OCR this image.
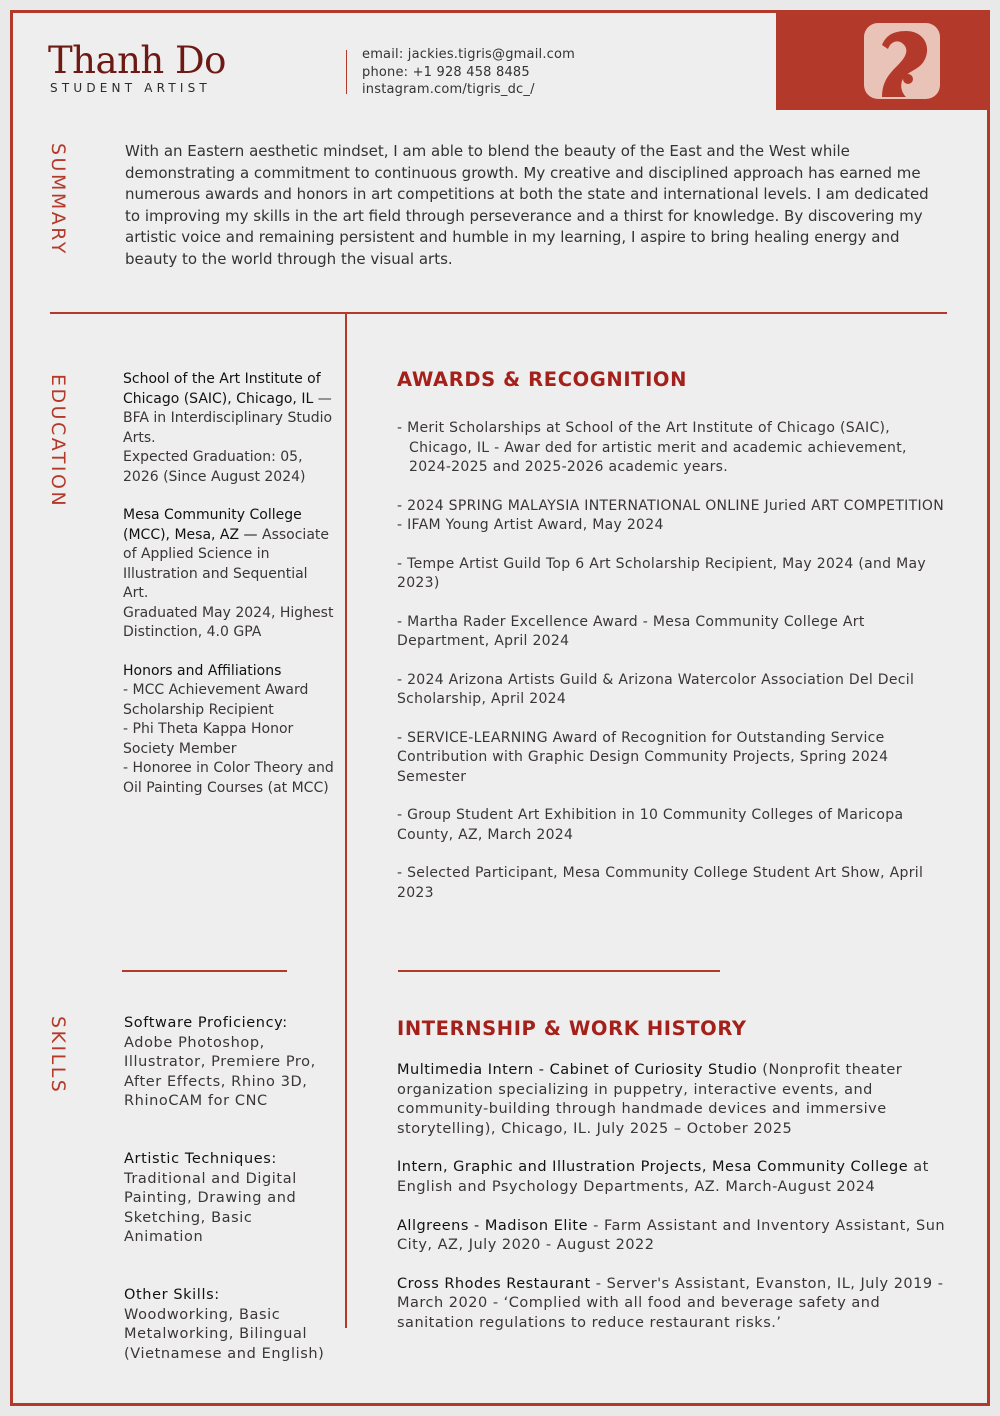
Thanh Do
STUDENT ARTIST
email: jackies.tigris@gmail.com
phone: +1 928 458 8485
instagram.com/tigris_dc_/
SUMMARY	With an Eastern aesthetic mindset, I am able to blend the beauty of the East and the West while demonstrating a commitment to continuous growth. My creative and disciplined approach has earned me numerous awards and honors in art competitions at both the state and international levels. I am dedicated to improving my skills in the art field through perseverance and a thirst for knowledge. By discovering my artistic voice and remaining persistent and humble in my learning, I aspire to bring healing energy and beauty to the world through the visual arts.
EDUCATION	School of the Art Institute of Chicago (SAIC), Chicago, IL — BFA in Interdisciplinary Studio Arts.
Expected Graduation: 05, 2026 (Since August 2024)
Mesa Community College (MCC), Mesa, AZ — Associate of Applied Science in Illustration and Sequential Art.
Graduated May 2024, Highest Distinction, 4.0 GPA
Honors and Affiliations
- MCC Achievement Award Scholarship Recipient
- Phi Theta Kappa Honor Society Member
- Honoree in Color Theory and Oil Painting Courses (at MCC)
AWARDS & RECOGNITION
- Merit Scholarships at School of the Art Institute of Chicago (SAIC), Chicago, IL - Awar ded for artistic merit and academic achievement, 2024-2025 and 2025-2026 academic years.
- 2024 SPRING MALAYSIA INTERNATIONAL ONLINE Juried ART COMPETITION - IFAM Young Artist Award, May 2024
- Tempe Artist Guild Top 6 Art Scholarship Recipient, May 2024 (and May 2023)
- Martha Rader Excellence Award - Mesa Community College Art Department, April 2024
- 2024 Arizona Artists Guild & Arizona Watercolor Association Del Decil Scholarship, April 2024
- SERVICE-LEARNING Award of Recognition for Outstanding Service Contribution with Graphic Design Community Projects, Spring 2024 Semester
- Group Student Art Exhibition in 10 Community Colleges of Maricopa County, AZ, March 2024
- Selected Participant, Mesa Community College Student Art Show, April 2023
SKILLS	Software Proficiency:
Adobe Photoshop, Illustrator, Premiere Pro, After Effects, Rhino 3D, RhinoCAM for CNC
Artistic Techniques:
Traditional and Digital Painting, Drawing and Sketching, Basic Animation
Other Skills:
Woodworking, Basic Metalworking, Bilingual (Vietnamese and English)
INTERNSHIP & WORK HISTORY
Multimedia Intern - Cabinet of Curiosity Studio (Nonprofit theater organization specializing in puppetry, interactive events, and community-building through handmade devices and immersive storytelling), Chicago, IL. July 2025 – October 2025
Intern, Graphic and Illustration Projects, Mesa Community College at English and Psychology Departments, AZ. March-August 2024
Allgreens - Madison Elite - Farm Assistant and Inventory Assistant, Sun City, AZ, July 2020 - August 2022
Cross Rhodes Restaurant - Server's Assistant, Evanston, IL, July 2019 - March 2020 - ‘Complied with all food and beverage safety and sanitation regulations to reduce restaurant risks.’
